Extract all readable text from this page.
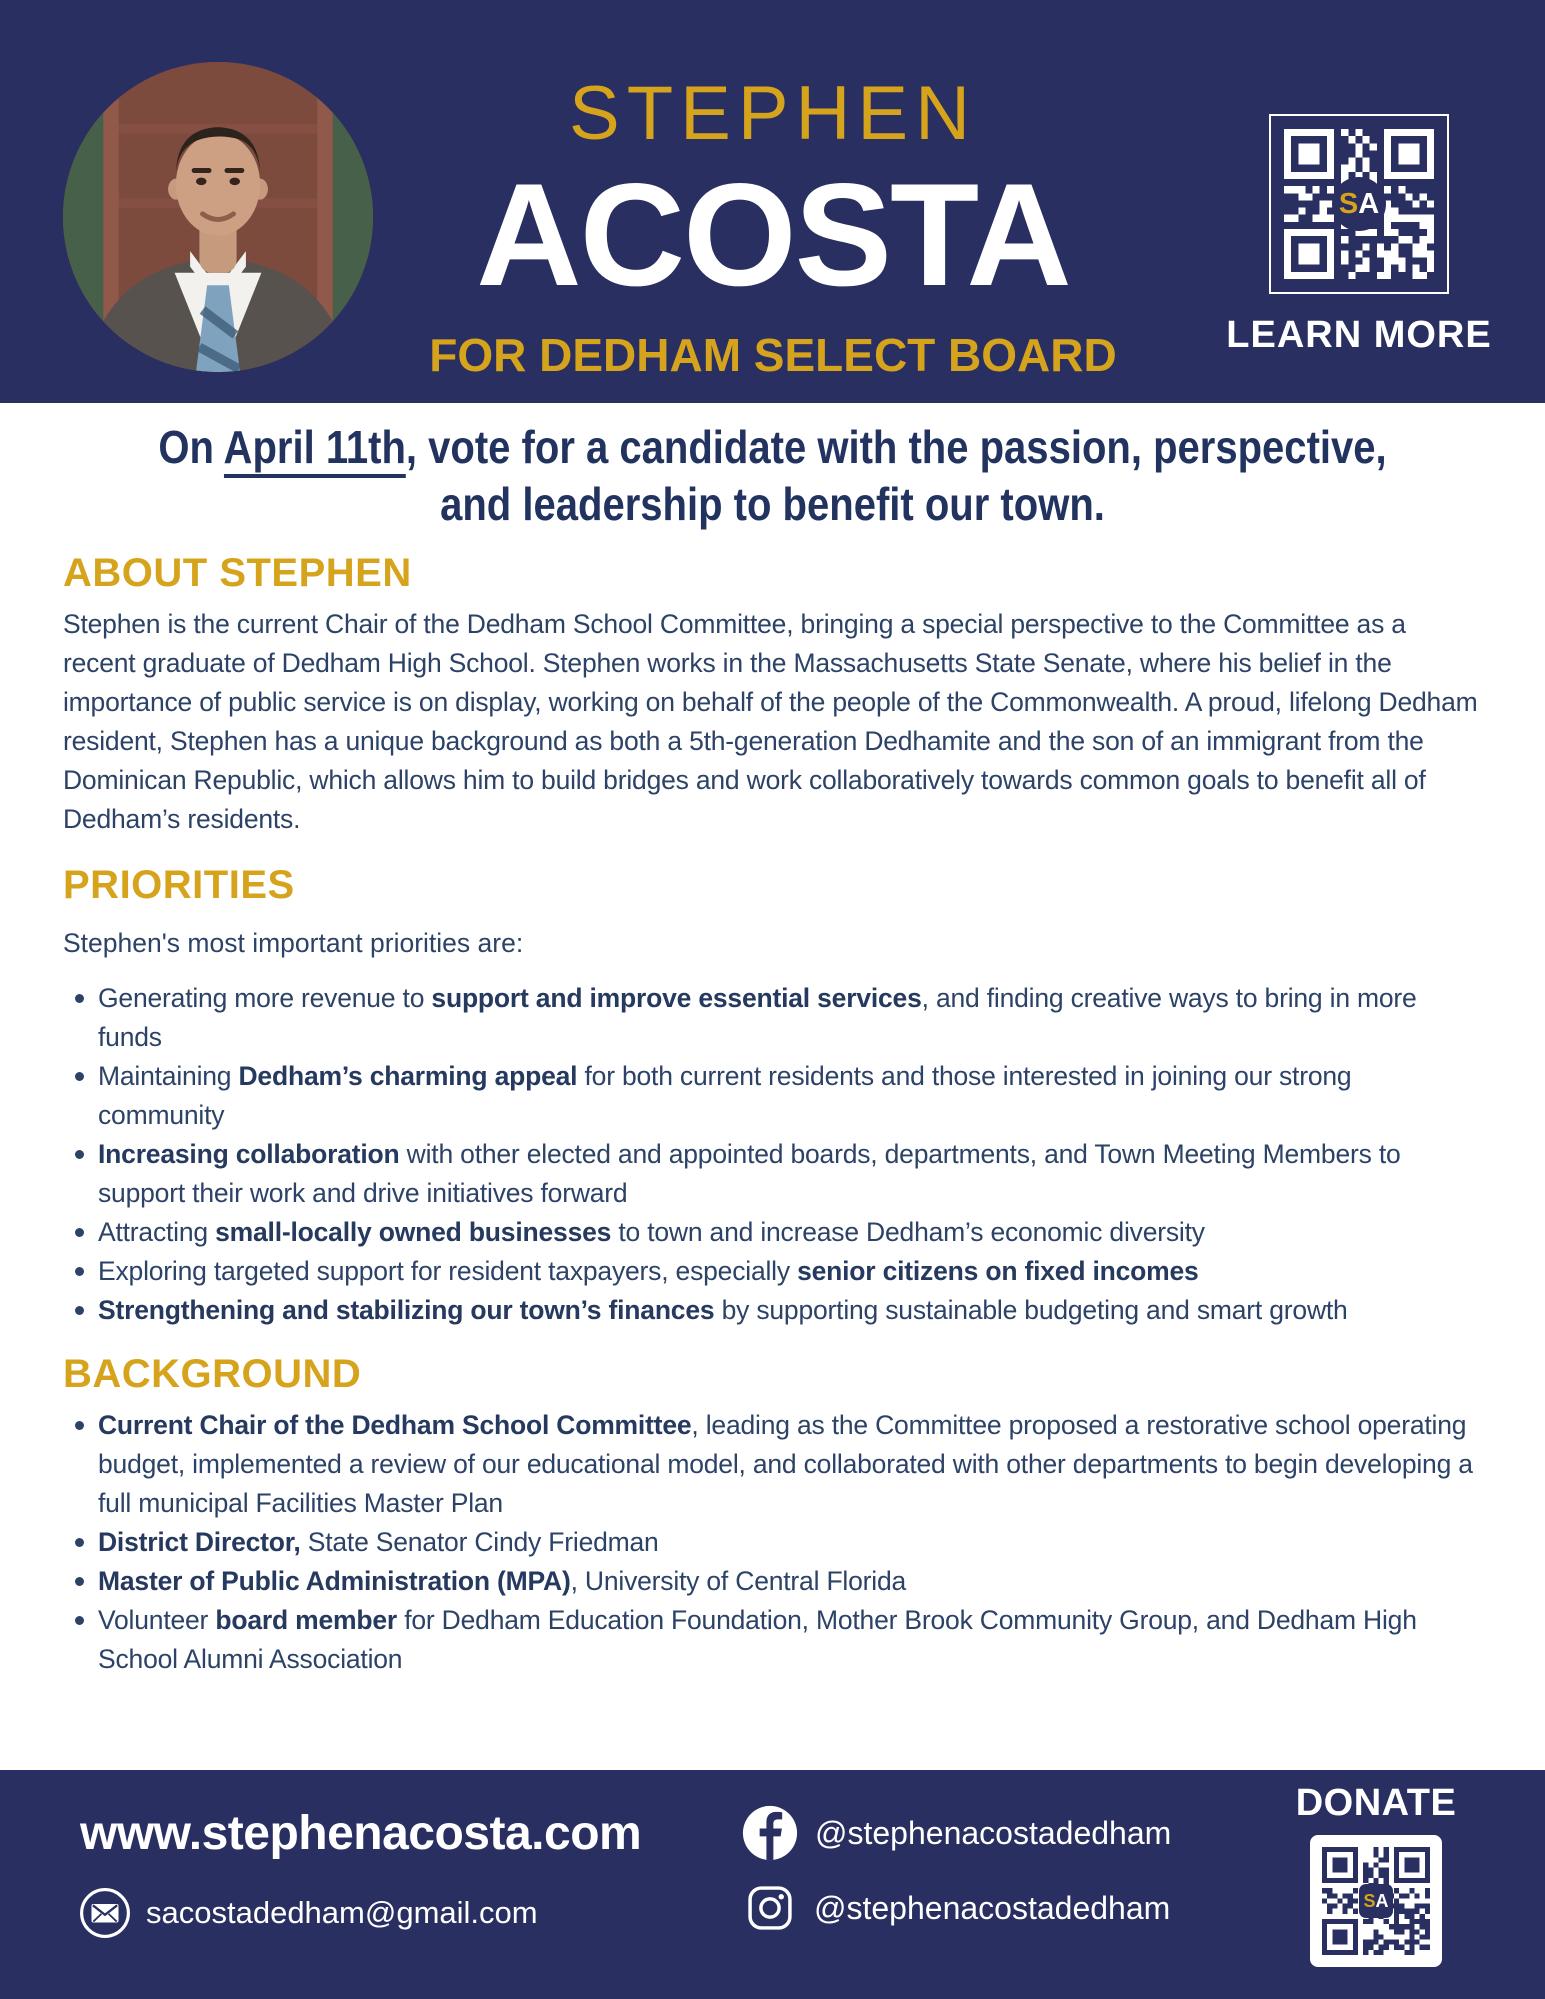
STEPHEN
ACOSTA
FOR DEDHAM SELECT BOARD
S A
LEARN MORE
On April 11th, vote for a candidate with the passion, perspective,
and leadership to benefit our town.
ABOUT STEPHEN

Stephen is the current Chair of the Dedham School Committee, bringing a special perspective to the Committee as a recent graduate of Dedham High School. Stephen works in the Massachusetts State Senate, where his belief in the importance of public service is on display, working on behalf of the people of the Commonwealth. A proud, lifelong Dedham resident, Stephen has a unique background as both a 5th-generation Dedhamite and the son of an immigrant from the Dominican Republic, which allows him to build bridges and work collaboratively towards common goals to benefit all of Dedham’s residents.

PRIORITIES
Stephen's most important priorities are:
Generating more revenue to support and improve essential services, and finding creative ways to bring in more funds
Maintaining Dedham’s charming appeal for both current residents and those interested in joining our strong community
Increasing collaboration with other elected and appointed boards, departments, and Town Meeting Members to support their work and drive initiatives forward
Attracting small-locally owned businesses to town and increase Dedham’s economic diversity
Exploring targeted support for resident taxpayers, especially senior citizens on fixed incomes
Strengthening and stabilizing our town’s finances by supporting sustainable budgeting and smart growth
BACKGROUND
Current Chair of the Dedham School Committee, leading as the Committee proposed a restorative school operating budget, implemented a review of our educational model, and collaborated with other departments to begin developing a full municipal Facilities Master Plan
District Director, State Senator Cindy Friedman
Master of Public Administration (MPA), University of Central Florida
Volunteer board member for Dedham Education Foundation, Mother Brook Community Group, and Dedham High School Alumni Association
www.stephenacosta.com
sacostadedham@gmail.com
@stephenacostadedham
@stephenacostadedham
DONATE
S A
